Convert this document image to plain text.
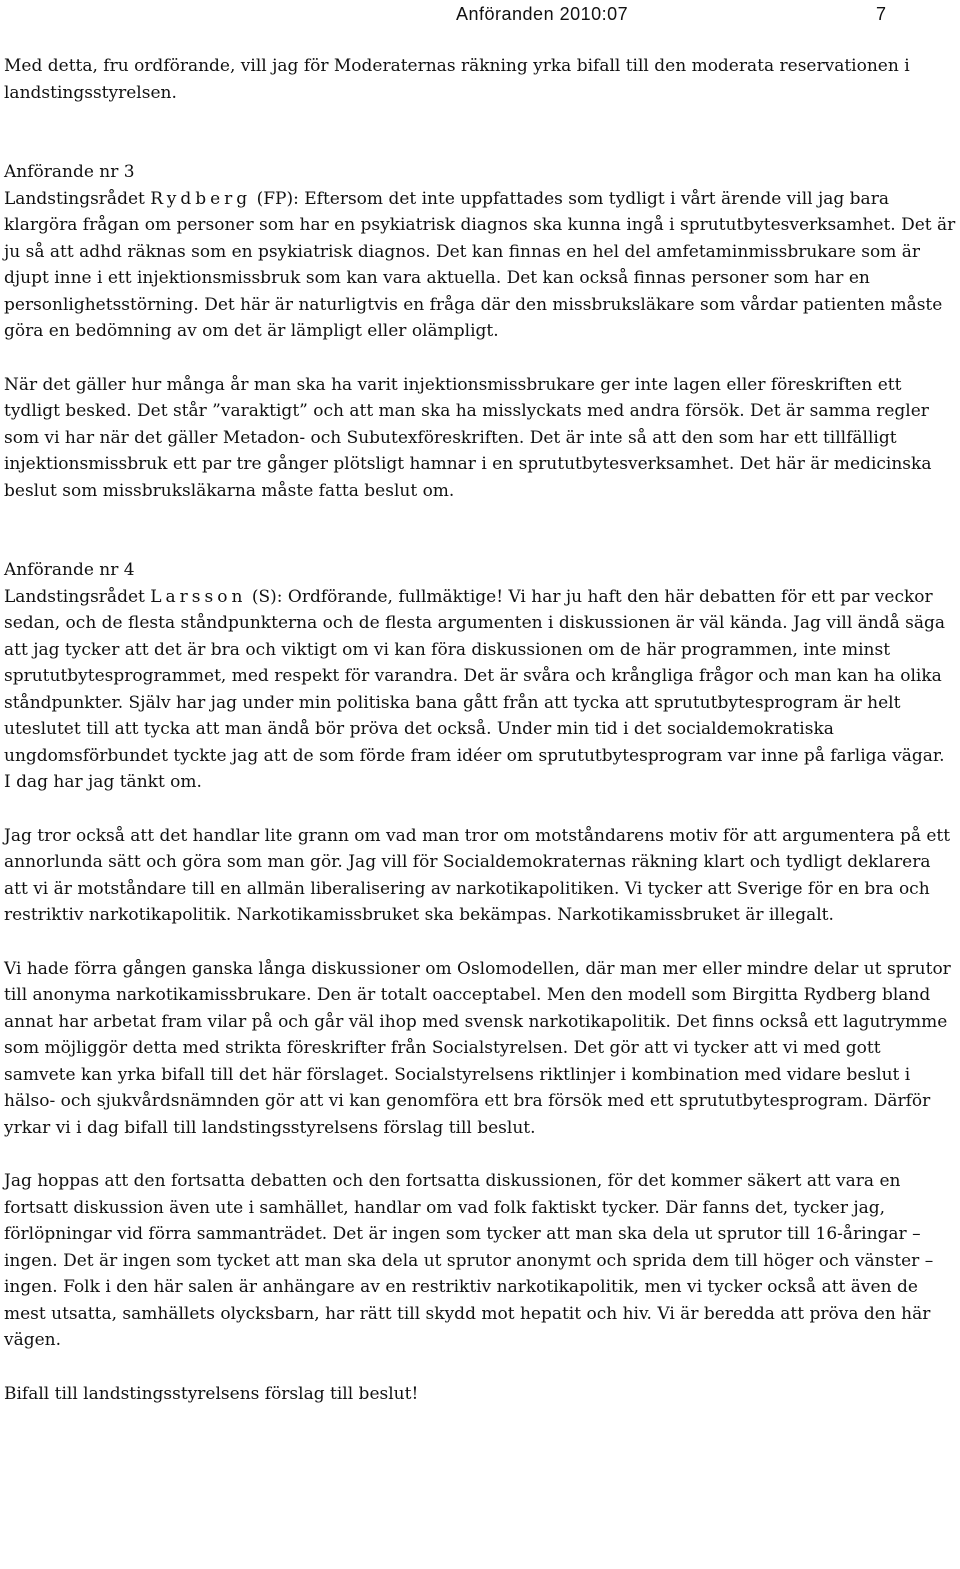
Anföranden 2010:07	7

Med detta, fru ordförande, vill jag för Moderaternas räkning yrka bifall till den moderata reservationen i landstingsstyrelsen.

Anförande nr 3

Landstingsrådet Rydberg (FP): Eftersom det inte uppfattades som tydligt i vårt ärende vill jag bara klargöra frågan om personer som har en psykiatrisk diagnos ska kunna ingå i sprututbytesverksamhet. Det är ju så att adhd räknas som en psykiatrisk diagnos. Det kan finnas en hel del amfetaminmissbrukare som är djupt inne i ett injektionsmissbruk som kan vara aktuella. Det kan också finnas personer som har en personlighetsstörning. Det här är naturligtvis en fråga där den missbruksläkare som vårdar patienten måste göra en bedömning av om det är lämpligt eller olämpligt.

När det gäller hur många år man ska ha varit injektionsmissbrukare ger inte lagen eller föreskriften ett tydligt besked. Det står ”varaktigt” och att man ska ha misslyckats med andra försök. Det är samma regler som vi har när det gäller Metadon- och Subutexföreskriften. Det är inte så att den som har ett tillfälligt injektionsmissbruk ett par tre gånger plötsligt hamnar i en sprututbytesverksamhet. Det här är medicinska beslut som missbruksläkarna måste fatta beslut om.

Anförande nr 4

Landstingsrådet Larsson (S): Ordförande, fullmäktige! Vi har ju haft den här debatten för ett par veckor sedan, och de flesta ståndpunkterna och de flesta argumenten i diskussionen är väl kända. Jag vill ändå säga att jag tycker att det är bra och viktigt om vi kan föra diskussionen om de här programmen, inte minst sprututbytesprogrammet, med respekt för varandra. Det är svåra och krångliga frågor och man kan ha olika ståndpunkter. Själv har jag under min politiska bana gått från att tycka att sprututbytesprogram är helt uteslutet till att tycka att man ändå bör pröva det också. Under min tid i det socialdemokratiska ungdomsförbundet tyckte jag att de som förde fram idéer om sprututbytesprogram var inne på farliga vägar. I dag har jag tänkt om.

Jag tror också att det handlar lite grann om vad man tror om motståndarens motiv för att argumentera på ett annorlunda sätt och göra som man gör. Jag vill för Socialdemokraternas räkning klart och tydligt deklarera att vi är motståndare till en allmän liberalisering av narkotikapolitiken. Vi tycker att Sverige för en bra och restriktiv narkotikapolitik. Narkotikamissbruket ska bekämpas. Narkotikamissbruket är illegalt.

Vi hade förra gången ganska långa diskussioner om Oslomodellen, där man mer eller mindre delar ut sprutor till anonyma narkotikamissbrukare. Den är totalt oacceptabel. Men den modell som Birgitta Rydberg bland annat har arbetat fram vilar på och går väl ihop med svensk narkotikapolitik. Det finns också ett lagutrymme som möjliggör detta med strikta föreskrifter från Socialstyrelsen. Det gör att vi tycker att vi med gott samvete kan yrka bifall till det här förslaget. Socialstyrelsens riktlinjer i kombination med vidare beslut i hälso- och sjukvårdsnämnden gör att vi kan genomföra ett bra försök med ett sprututbytesprogram. Därför yrkar vi i dag bifall till landstingsstyrelsens förslag till beslut.

Jag hoppas att den fortsatta debatten och den fortsatta diskussionen, för det kommer säkert att vara en fortsatt diskussion även ute i samhället, handlar om vad folk faktiskt tycker. Där fanns det, tycker jag, förlöpningar vid förra sammanträdet. Det är ingen som tycker att man ska dela ut sprutor till 16-åringar – ingen. Det är ingen som tycket att man ska dela ut sprutor anonymt och sprida dem till höger och vänster – ingen. Folk i den här salen är anhängare av en restriktiv narkotikapolitik, men vi tycker också att även de mest utsatta, samhällets olycksbarn, har rätt till skydd mot hepatit och hiv. Vi är beredda att pröva den här vägen.

Bifall till landstingsstyrelsens förslag till beslut!
